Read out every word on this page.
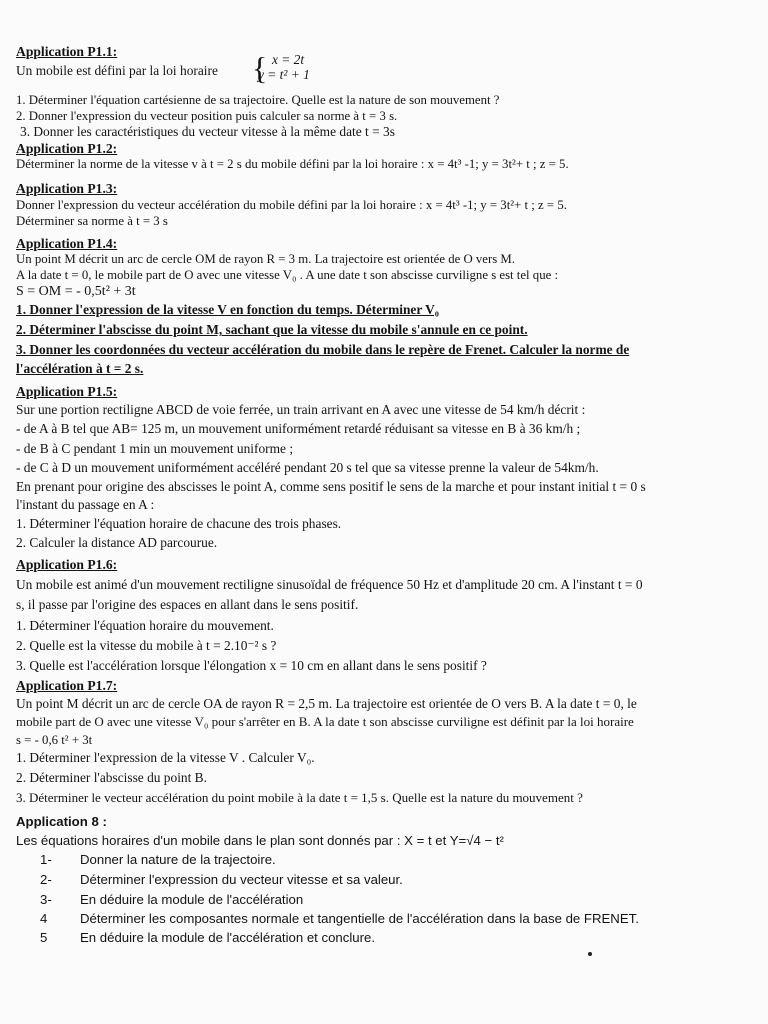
Application P1.1:
Un mobile est défini par la loi horaire { x = 2t
y = t² + 1
1. Déterminer l'équation cartésienne de sa trajectoire. Quelle est la nature de son mouvement ?
2. Donner l'expression du vecteur position puis calculer sa norme à t = 3 s.
3. Donner les caractéristiques du vecteur vitesse à la même date t = 3s
Application P1.2:
Déterminer la norme de la vitesse v à t = 2 s du mobile défini par la loi horaire : x = 4t³ -1; y = 3t²+ t ; z = 5.
Application P1.3:
Donner l'expression du vecteur accélération du mobile défini par la loi horaire : x = 4t³ -1; y = 3t²+ t ; z = 5.
Déterminer sa norme à t = 3 s
Application P1.4:
Un point M décrit un arc de cercle OM de rayon R = 3 m. La trajectoire est orientée de O vers M.
A la date t = 0, le mobile part de O avec une vitesse V₀ . A une date t son abscisse curviligne s est tel que :
S = OM = - 0,5t² + 3t
1. Donner l'expression de la vitesse V en fonction du temps. Déterminer V₀
2. Déterminer l'abscisse du point M, sachant que la vitesse du mobile s'annule en ce point.
3. Donner les coordonnées du vecteur accélération du mobile dans le repère de Frenet. Calculer la norme de
l'accélération à t = 2 s.
Application P1.5:
Sur une portion rectiligne ABCD de voie ferrée, un train arrivant en A avec une vitesse de 54 km/h décrit :
- de A à B tel que AB= 125 m, un mouvement uniformément retardé réduisant sa vitesse en B à 36 km/h ;
- de B à C pendant 1 min un mouvement uniforme ;
- de C à D un mouvement uniformément accéléré pendant 20 s tel que sa vitesse prenne la valeur de 54km/h.
En prenant pour origine des abscisses le point A, comme sens positif le sens de la marche et pour instant initial t = 0 s
l'instant du passage en A :
1. Déterminer l'équation horaire de chacune des trois phases.
2. Calculer la distance AD parcourue.
Application P1.6:
Un mobile est animé d'un mouvement rectiligne sinusoïdal de fréquence 50 Hz et d'amplitude 20 cm. A l'instant t = 0
s, il passe par l'origine des espaces en allant dans le sens positif.
1. Déterminer l'équation horaire du mouvement.
2. Quelle est la vitesse du mobile à t = 2.10⁻² s ?
3. Quelle est l'accélération lorsque l'élongation x = 10 cm en allant dans le sens positif ?
Application P1.7:
Un point M décrit un arc de cercle OA de rayon R = 2,5 m. La trajectoire est orientée de O vers B. A la date t = 0, le
mobile part de O avec une vitesse V₀ pour s'arrêter en B. A la date t son abscisse curviligne est définit par la loi horaire
s = - 0,6 t² + 3t
1. Déterminer l'expression de la vitesse V . Calculer V₀.
2. Déterminer l'abscisse du point B.
3. Déterminer le vecteur accélération du point mobile à la date t = 1,5 s. Quelle est la nature du mouvement ?
Application 8 :
Les équations horaires d'un mobile dans le plan sont donnés par : X = t et Y=√4 − t²
1- Donner la nature de la trajectoire.
2- Déterminer l'expression du vecteur vitesse et sa valeur.
3- En déduire la module de l'accélération
4 Déterminer les composantes normale et tangentielle de l'accélération dans la base de FRENET.
5 En déduire la module de l'accélération et conclure.
